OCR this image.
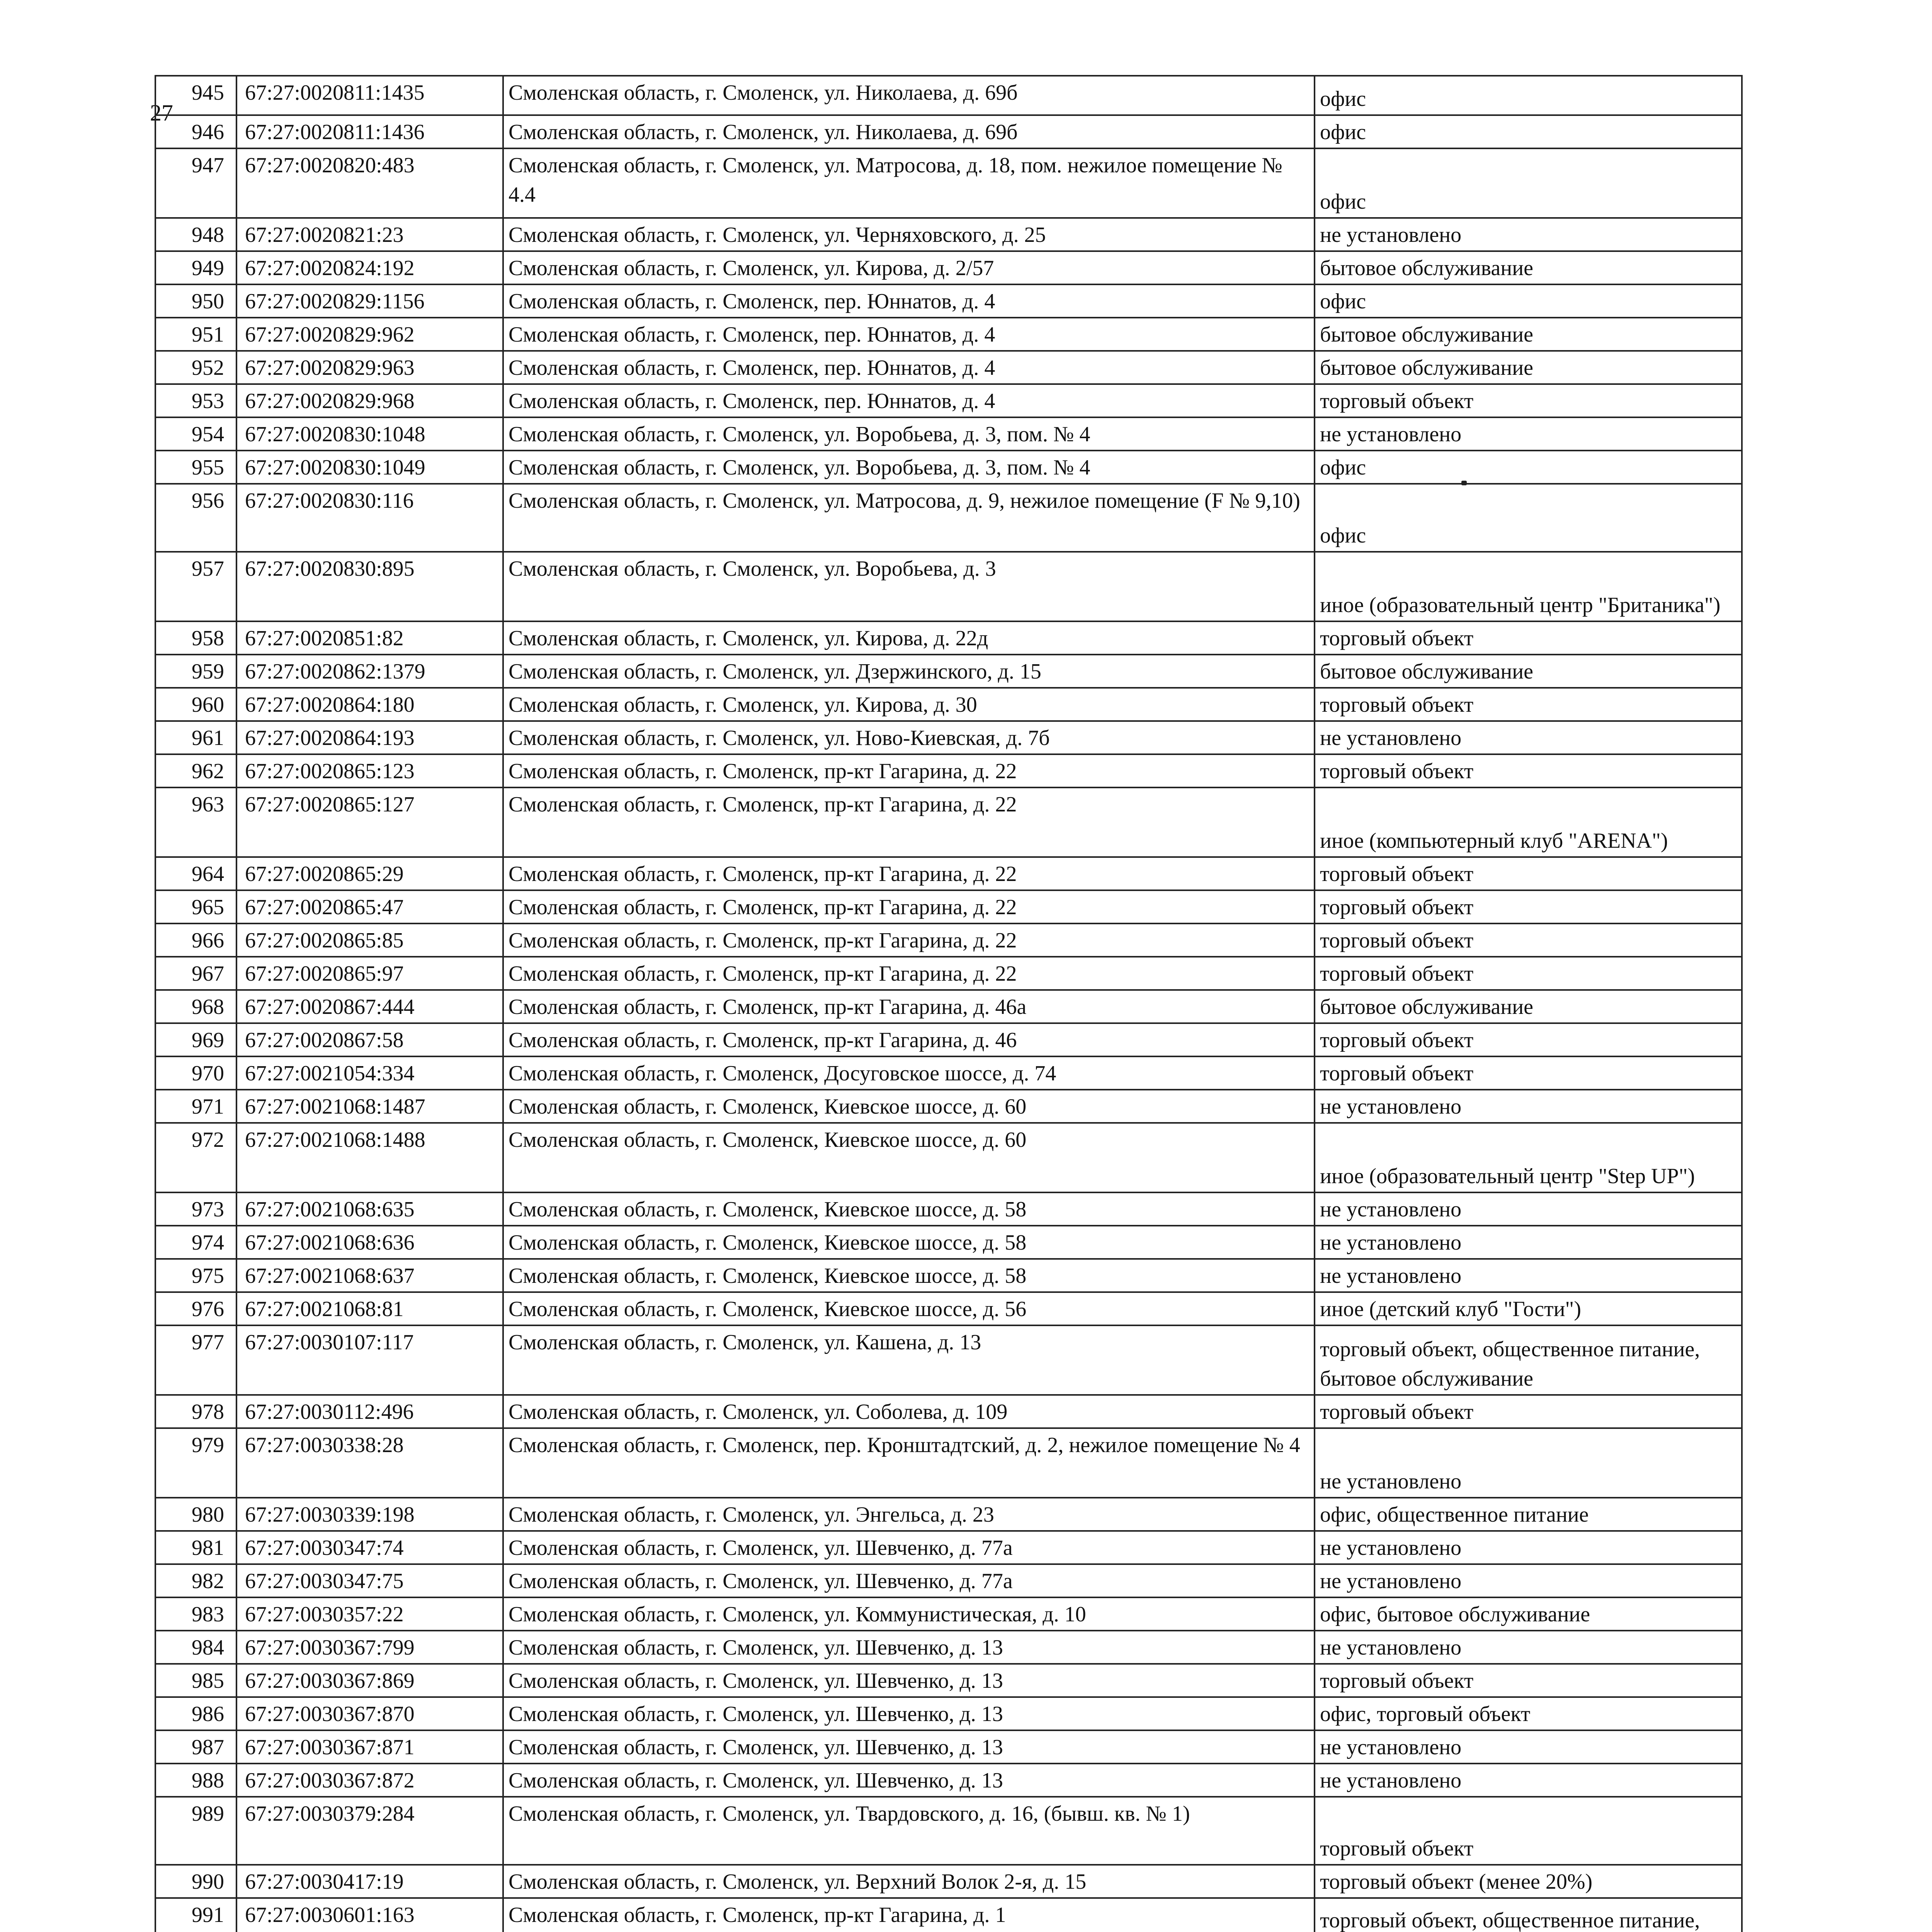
27
945	67:27:0020811:1435	Смоленская область, г. Смоленск, ул. Николаева, д. 69б	офис
946	67:27:0020811:1436	Смоленская область, г. Смоленск, ул. Николаева, д. 69б	офис
947	67:27:0020820:483	Смоленская область, г. Смоленск, ул. Матросова, д. 18, пом. нежилое помещение № 4.4	офис
948	67:27:0020821:23	Смоленская область, г. Смоленск, ул. Черняховского, д. 25	не установлено
949	67:27:0020824:192	Смоленская область, г. Смоленск, ул. Кирова, д. 2/57	бытовое обслуживание
950	67:27:0020829:1156	Смоленская область, г. Смоленск, пер. Юннатов, д. 4	офис
951	67:27:0020829:962	Смоленская область, г. Смоленск, пер. Юннатов, д. 4	бытовое обслуживание
952	67:27:0020829:963	Смоленская область, г. Смоленск, пер. Юннатов, д. 4	бытовое обслуживание
953	67:27:0020829:968	Смоленская область, г. Смоленск, пер. Юннатов, д. 4	торговый объект
954	67:27:0020830:1048	Смоленская область, г. Смоленск, ул. Воробьева, д. 3, пом. № 4	не установлено
955	67:27:0020830:1049	Смоленская область, г. Смоленск, ул. Воробьева, д. 3, пом. № 4	офис
956	67:27:0020830:116	Смоленская область, г. Смоленск, ул. Матросова, д. 9, нежилое помещение (F № 9,10)	офис
957	67:27:0020830:895	Смоленская область, г. Смоленск, ул. Воробьева, д. 3	иное (образовательный центр "Британика")
958	67:27:0020851:82	Смоленская область, г. Смоленск, ул. Кирова, д. 22д	торговый объект
959	67:27:0020862:1379	Смоленская область, г. Смоленск, ул. Дзержинского, д. 15	бытовое обслуживание
960	67:27:0020864:180	Смоленская область, г. Смоленск, ул. Кирова, д. 30	торговый объект
961	67:27:0020864:193	Смоленская область, г. Смоленск, ул. Ново-Киевская, д. 7б	не установлено
962	67:27:0020865:123	Смоленская область, г. Смоленск, пр-кт Гагарина, д. 22	торговый объект
963	67:27:0020865:127	Смоленская область, г. Смоленск, пр-кт Гагарина, д. 22	иное (компьютерный клуб "ARENA")
964	67:27:0020865:29	Смоленская область, г. Смоленск, пр-кт Гагарина, д. 22	торговый объект
965	67:27:0020865:47	Смоленская область, г. Смоленск, пр-кт Гагарина, д. 22	торговый объект
966	67:27:0020865:85	Смоленская область, г. Смоленск, пр-кт Гагарина, д. 22	торговый объект
967	67:27:0020865:97	Смоленская область, г. Смоленск, пр-кт Гагарина, д. 22	торговый объект
968	67:27:0020867:444	Смоленская область, г. Смоленск, пр-кт Гагарина, д. 46а	бытовое обслуживание
969	67:27:0020867:58	Смоленская область, г. Смоленск, пр-кт Гагарина, д. 46	торговый объект
970	67:27:0021054:334	Смоленская область, г. Смоленск, Досуговское шоссе, д. 74	торговый объект
971	67:27:0021068:1487	Смоленская область, г. Смоленск, Киевское шоссе, д. 60	не установлено
972	67:27:0021068:1488	Смоленская область, г. Смоленск, Киевское шоссе, д. 60	иное (образовательный центр "Step UP")
973	67:27:0021068:635	Смоленская область, г. Смоленск, Киевское шоссе, д. 58	не установлено
974	67:27:0021068:636	Смоленская область, г. Смоленск, Киевское шоссе, д. 58	не установлено
975	67:27:0021068:637	Смоленская область, г. Смоленск, Киевское шоссе, д. 58	не установлено
976	67:27:0021068:81	Смоленская область, г. Смоленск, Киевское шоссе, д. 56	иное (детский клуб "Гости")
977	67:27:0030107:117	Смоленская область, г. Смоленск, ул. Кашена, д. 13	торговый объект, общественное питание, бытовое обслуживание
978	67:27:0030112:496	Смоленская область, г. Смоленск, ул. Соболева, д. 109	торговый объект
979	67:27:0030338:28	Смоленская область, г. Смоленск, пер. Кронштадтский, д. 2, нежилое помещение № 4	не установлено
980	67:27:0030339:198	Смоленская область, г. Смоленск, ул. Энгельса, д. 23	офис, общественное питание
981	67:27:0030347:74	Смоленская область, г. Смоленск, ул. Шевченко, д. 77а	не установлено
982	67:27:0030347:75	Смоленская область, г. Смоленск, ул. Шевченко, д. 77а	не установлено
983	67:27:0030357:22	Смоленская область, г. Смоленск, ул. Коммунистическая, д. 10	офис, бытовое обслуживание
984	67:27:0030367:799	Смоленская область, г. Смоленск, ул. Шевченко, д. 13	не установлено
985	67:27:0030367:869	Смоленская область, г. Смоленск, ул. Шевченко, д. 13	торговый объект
986	67:27:0030367:870	Смоленская область, г. Смоленск, ул. Шевченко, д. 13	офис, торговый объект
987	67:27:0030367:871	Смоленская область, г. Смоленск, ул. Шевченко, д. 13	не установлено
988	67:27:0030367:872	Смоленская область, г. Смоленск, ул. Шевченко, д. 13	не установлено
989	67:27:0030379:284	Смоленская область, г. Смоленск, ул. Твардовского, д. 16, (бывш. кв. № 1)	торговый объект
990	67:27:0030417:19	Смоленская область, г. Смоленск, ул. Верхний Волок 2-я, д. 15	торговый объект (менее 20%)
991	67:27:0030601:163	Смоленская область, г. Смоленск, пр-кт Гагарина, д. 1	торговый объект, общественное питание,
